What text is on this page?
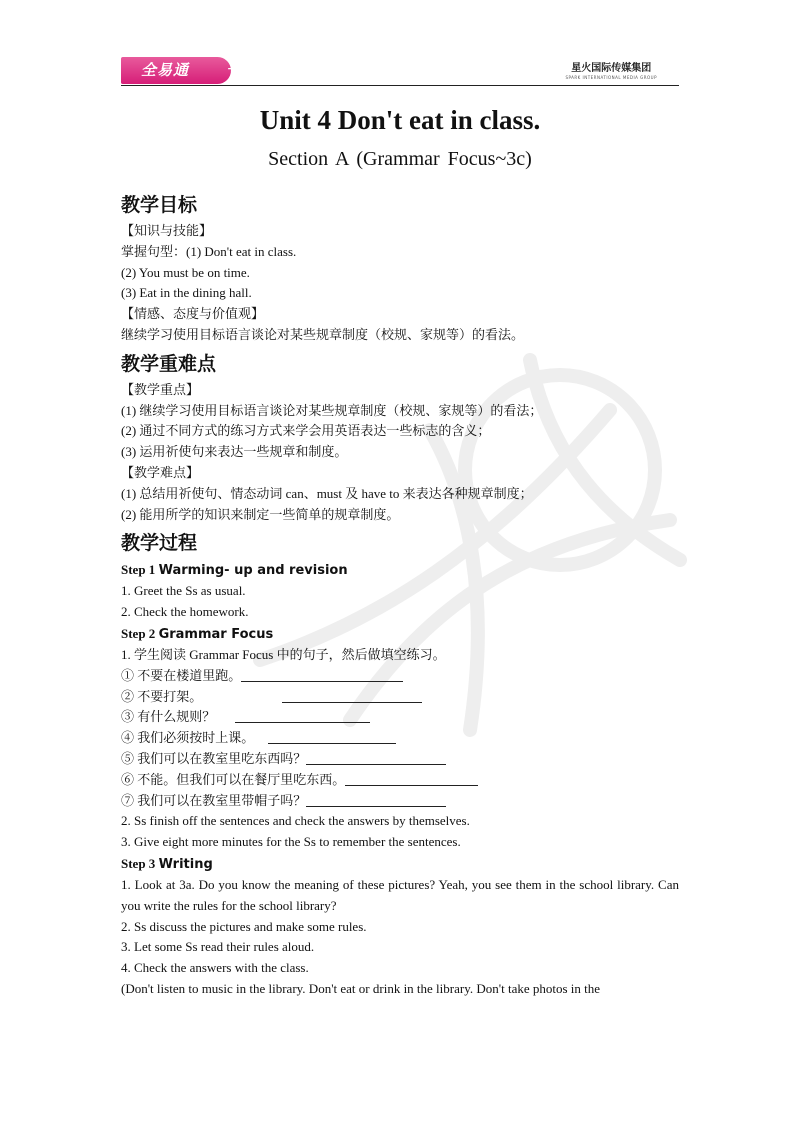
全易通	+	星火国际传媒集团
SPARK INTERNATIONAL MEDIA GROUP
Unit 4 Don't eat in class.
Section A (Grammar Focus~3c)
教学目标
【知识与技能】
掌握句型：(1) Don't eat in class.
(2) You must be on time.
(3) Eat in the dining hall.
【情感、态度与价值观】
继续学习使用目标语言谈论对某些规章制度（校规、家规等）的看法。
教学重难点
【教学重点】
(1) 继续学习使用目标语言谈论对某些规章制度（校规、家规等）的看法；
(2) 通过不同方式的练习方式来学会用英语表达一些标志的含义；
(3) 运用祈使句来表达一些规章和制度。
【教学难点】
(1) 总结用祈使句、情态动词 can、must 及 have to 来表达各种规章制度；
(2) 能用所学的知识来制定一些简单的规章制度。
教学过程
Step 1 Warming- up and revision
1. Greet the Ss as usual.
2. Check the homework.
Step 2 Grammar Focus
1. 学生阅读 Grammar Focus 中的句子，然后做填空练习。
① 不要在楼道里跑。
② 不要打架。
③ 有什么规则？
④ 我们必须按时上课。
⑤ 我们可以在教室里吃东西吗？
⑥ 不能。但我们可以在餐厅里吃东西。
⑦ 我们可以在教室里带帽子吗？
2. Ss finish off the sentences and check the answers by themselves.
3. Give eight more minutes for the Ss to remember the sentences.
Step 3 Writing
1. Look at 3a. Do you know the meaning of these pictures? Yeah, you see them in the school library. Can you write the rules for the school library?
2. Ss discuss the pictures and make some rules.
3. Let some Ss read their rules aloud.
4. Check the answers with the class.
(Don't listen to music in the library. Don't eat or drink in the library. Don't take photos in the
